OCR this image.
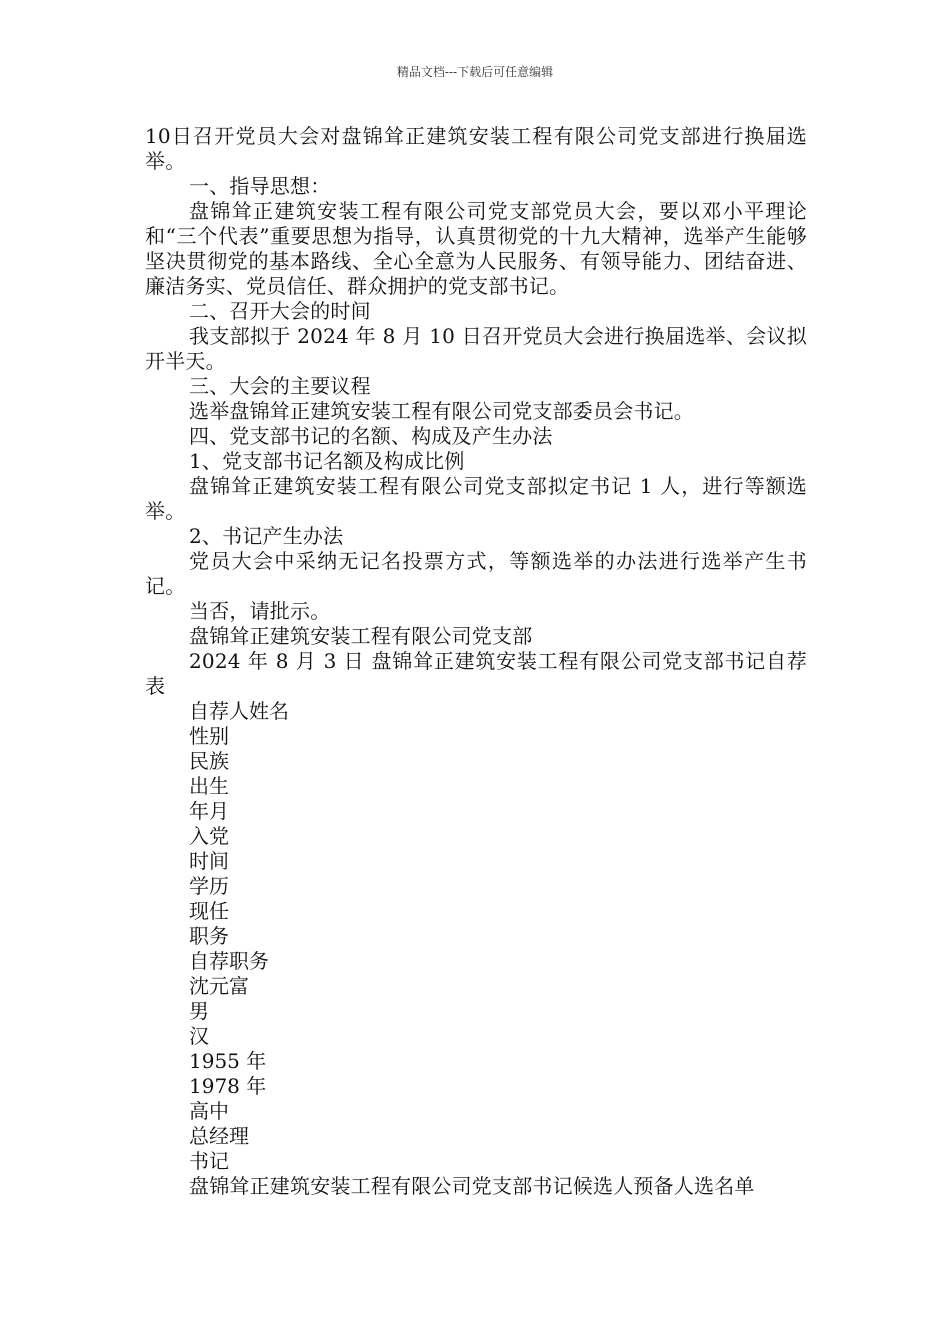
精品文档---下载后可任意编辑

10日召开党员大会对盘锦耸正建筑安装工程有限公司党支部进行换届选举。

一、指导思想：

盘锦耸正建筑安装工程有限公司党支部党员大会，要以邓小平理论和“三个代表”重要思想为指导，认真贯彻党的十九大精神，选举产生能够坚决贯彻党的基本路线、全心全意为人民服务、有领导能力、团结奋进、廉洁务实、党员信任、群众拥护的党支部书记。

二、召开大会的时间

我支部拟于 2024 年 8 月 10 日召开党员大会进行换届选举、会议拟开半天。

三、大会的主要议程

选举盘锦耸正建筑安装工程有限公司党支部委员会书记。

四、党支部书记的名额、构成及产生办法

1、党支部书记名额及构成比例

盘锦耸正建筑安装工程有限公司党支部拟定书记 1 人，进行等额选举。

2、书记产生办法

党员大会中采纳无记名投票方式，等额选举的办法进行选举产生书记。

当否，请批示。

盘锦耸正建筑安装工程有限公司党支部

2024 年 8 月 3 日 盘锦耸正建筑安装工程有限公司党支部书记自荐表

自荐人姓名

性别

民族

出生

年月

入党

时间

学历

现任

职务

自荐职务

沈元富

男

汉

1955 年

1978 年

高中

总经理

书记

盘锦耸正建筑安装工程有限公司党支部书记候选人预备人选名单
